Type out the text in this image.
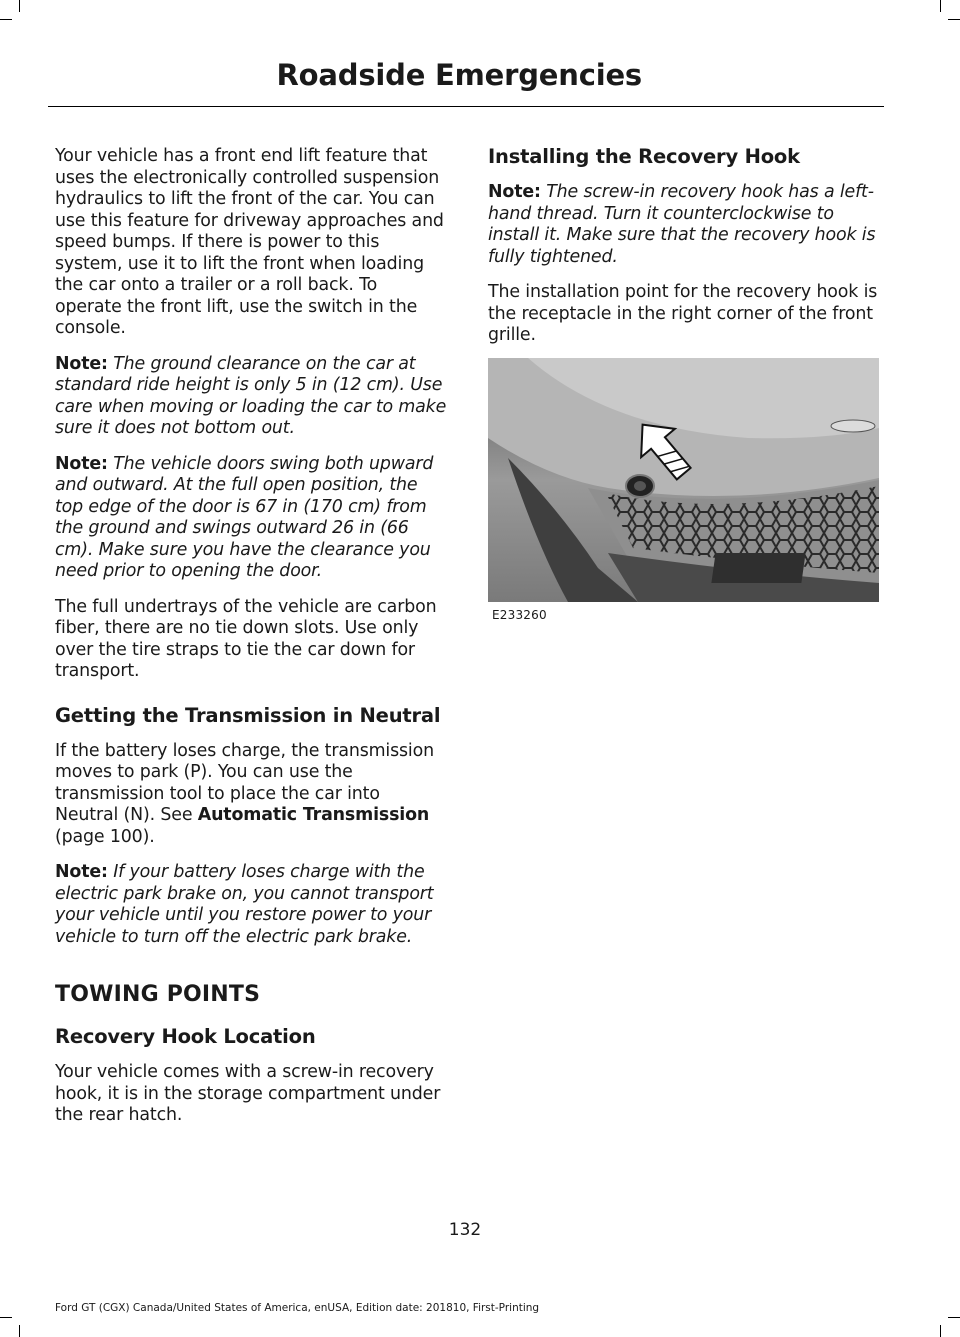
Roadside Emergencies

Your vehicle has a front end lift feature that uses the electronically controlled suspension hydraulics to lift the front of the car. You can use this feature for driveway approaches and speed bumps. If there is power to this system, use it to lift the front when loading the car onto a trailer or a roll back. To operate the front lift, use the switch in the console.

Note: The ground clearance on the car at standard ride height is only 5 in (12 cm). Use care when moving or loading the car to make sure it does not bottom out.

Note: The vehicle doors swing both upward and outward. At the full open position, the top edge of the door is 67 in (170 cm) from the ground and swings outward 26 in (66 cm). Make sure you have the clearance you need prior to opening the door.

The full undertrays of the vehicle are carbon fiber, there are no tie down slots. Use only over the tire straps to tie the car down for transport.

Getting the Transmission in Neutral

If the battery loses charge, the transmission moves to park (P). You can use the transmission tool to place the car into Neutral (N). See Automatic Transmission (page 100).

Note: If your battery loses charge with the electric park brake on, you cannot transport your vehicle until you restore power to your vehicle to turn off the electric park brake.

TOWING POINTS
Recovery Hook Location

Your vehicle comes with a screw-in recovery hook, it is in the storage compartment under the rear hatch.

Installing the Recovery Hook

Note: The screw-in recovery hook has a left-hand thread. Turn it counterclockwise to install it. Make sure that the recovery hook is fully tightened.

The installation point for the recovery hook is the receptacle in the right corner of the front grille.

E233260
132
Ford GT (CGX) Canada/United States of America, enUSA, Edition date: 201810, First-Printing
